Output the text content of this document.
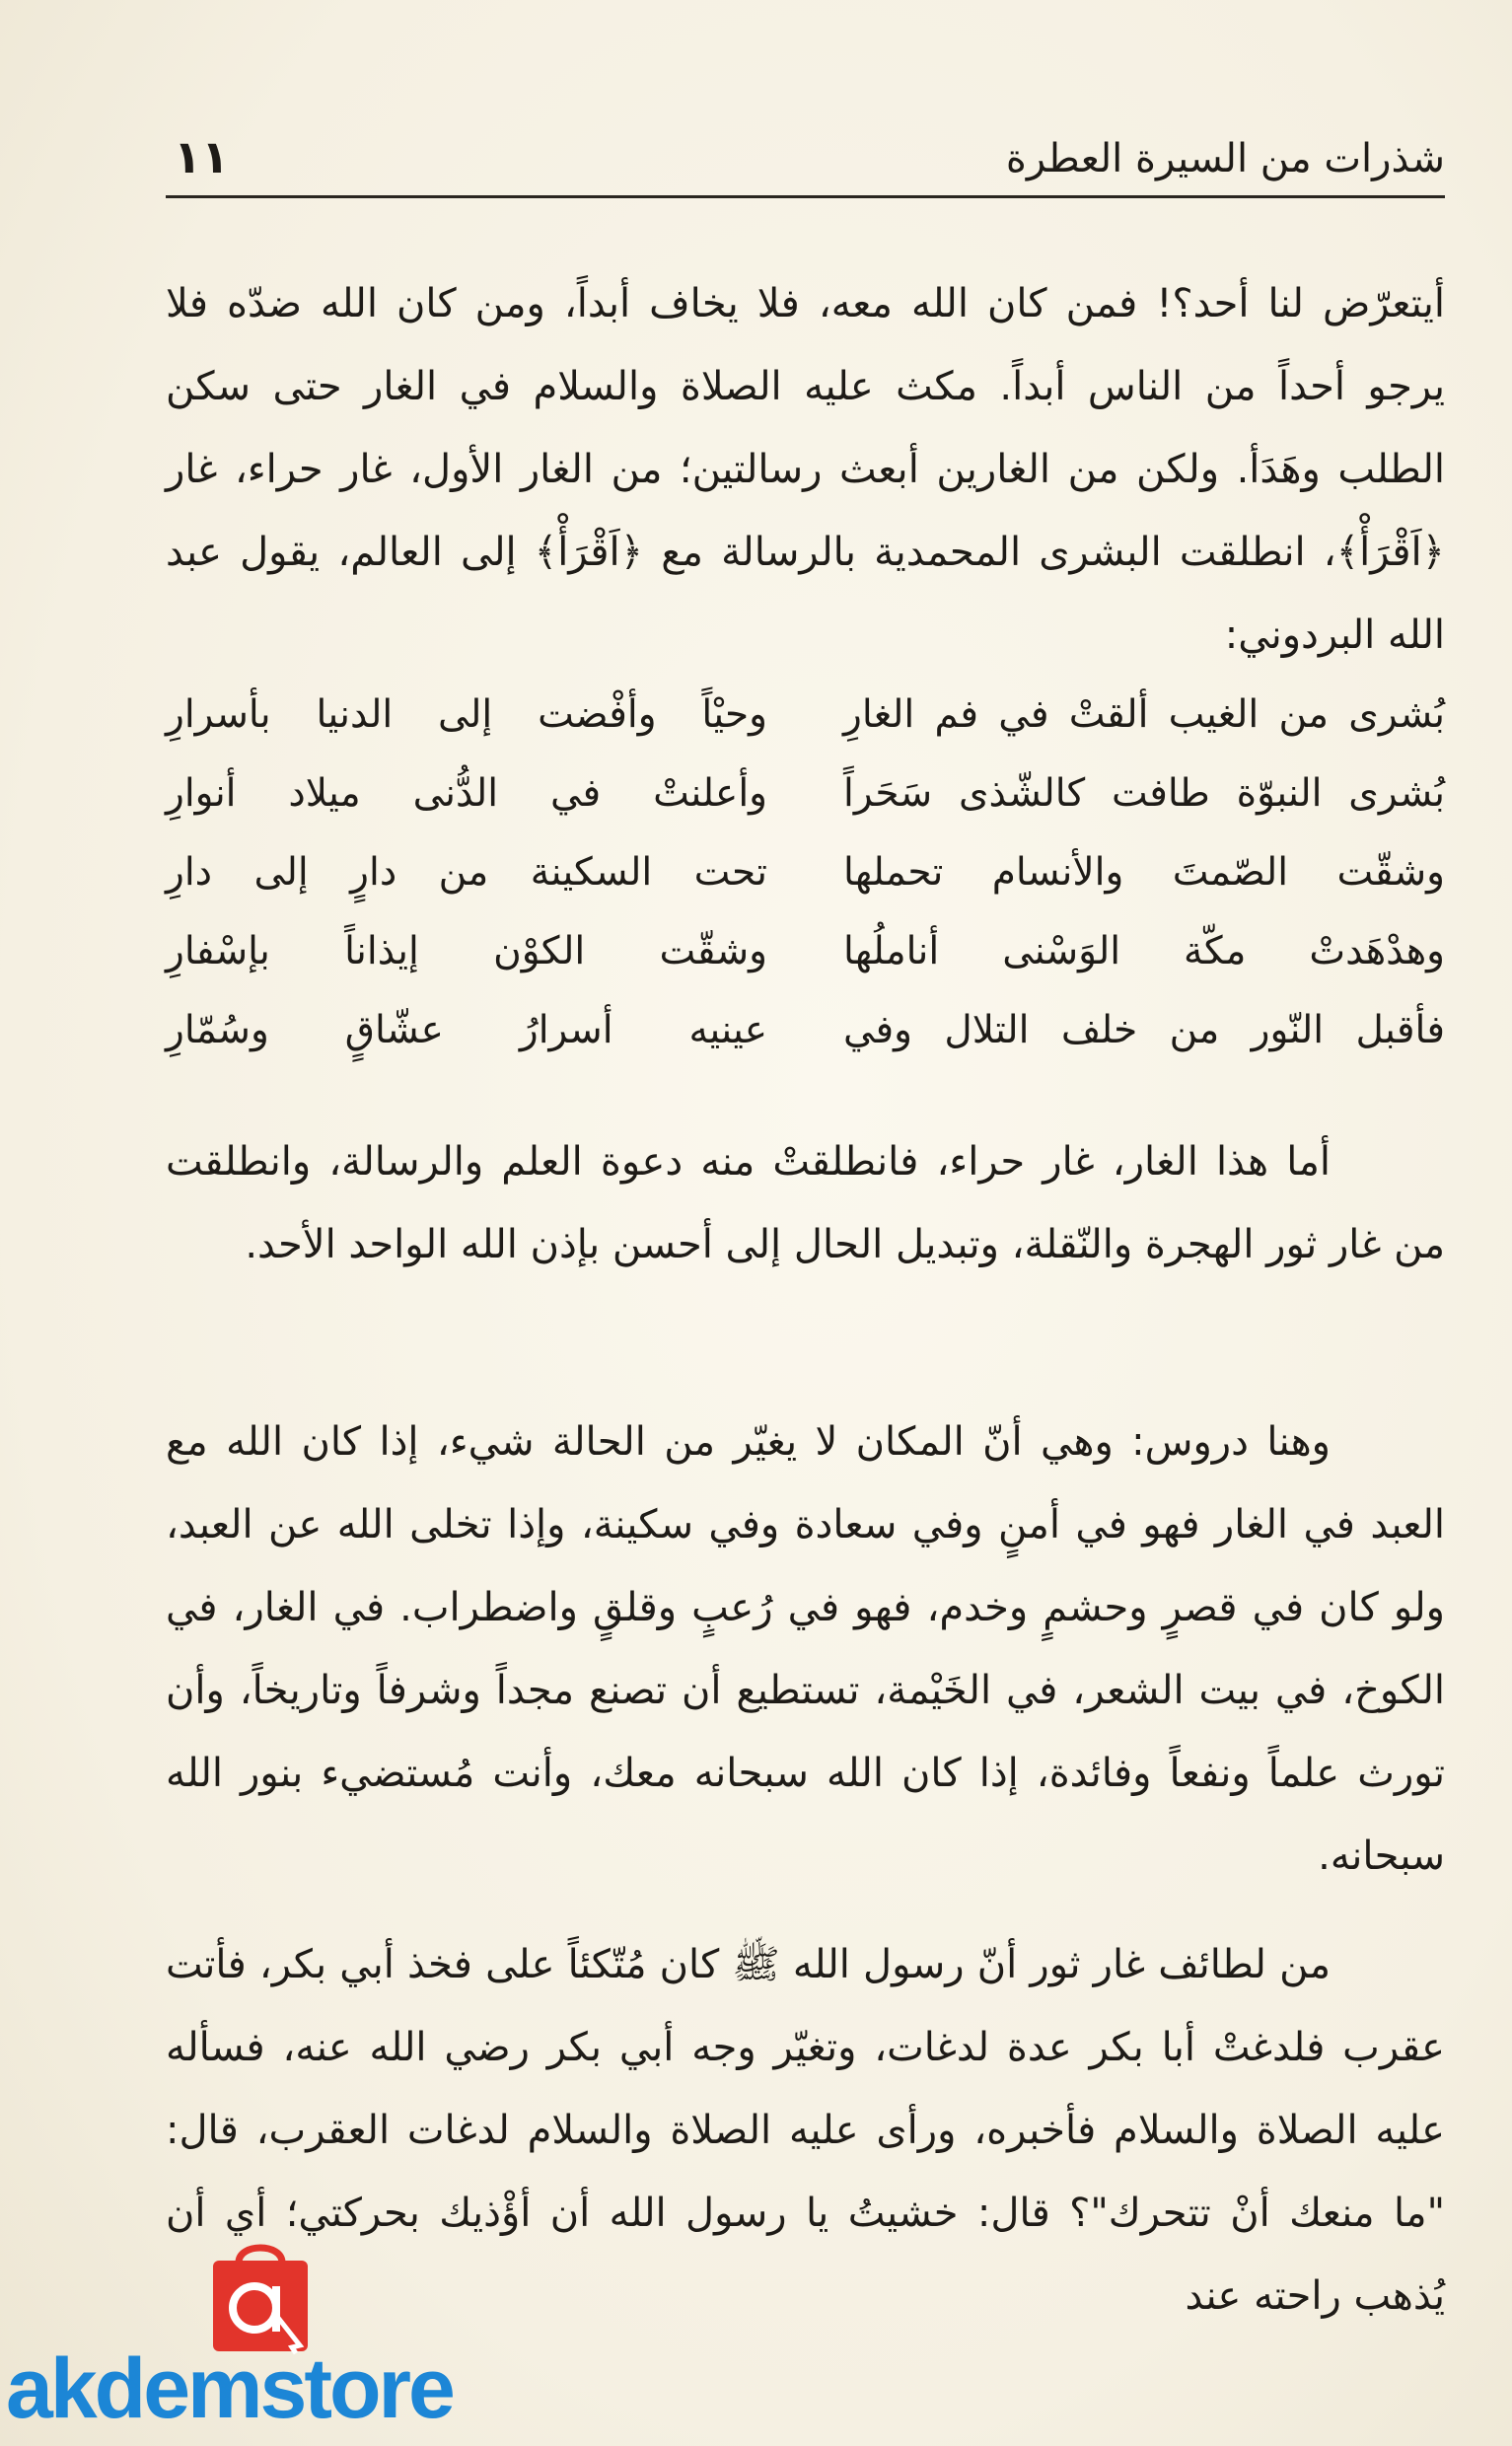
شذرات من السيرة العطرة
١١

أيتعرّض لنا أحد؟! فمن كان الله معه، فلا يخاف أبداً، ومن كان الله ضدّه فلا يرجو أحداً من الناس أبداً. مكث عليه الصلاة والسلام في الغار حتى سكن الطلب وهَدَأ. ولكن من الغارين أبعث رسالتين؛ من الغار الأول، غار حراء، غار ﴿اَقْرَأْ﴾، انطلقت البشرى المحمدية بالرسالة مع ﴿اَقْرَأْ﴾ إلى العالم، يقول عبد الله البردوني:

بُشرى من الغيب ألقتْ في فم الغارِ
وحيْاً وأفْضت إلى الدنيا بأسرارِ
بُشرى النبوّة طافت كالشّذى سَحَراً
وأعلنتْ في الدُّنى ميلاد أنوارِ
وشقّت الصّمتَ والأنسام تحملها
تحت السكينة من دارٍ إلى دارِ
وهدْهَدتْ مكّة الوَسْنى أناملُها
وشقّت الكوْن إيذاناً بإسْفارِ
فأقبل النّور من خلف التلال وفي
عينيه أسرارُ عشّاقٍ وسُمّارِ

أما هذا الغار، غار حراء، فانطلقتْ منه دعوة العلم والرسالة، وانطلقت من غار ثور الهجرة والنّقلة، وتبديل الحال إلى أحسن بإذن الله الواحد الأحد.

وهنا دروس: وهي أنّ المكان لا يغيّر من الحالة شيء، إذا كان الله مع العبد في الغار فهو في أمنٍ وفي سعادة وفي سكينة، وإذا تخلى الله عن العبد، ولو كان في قصرٍ وحشمٍ وخدم، فهو في رُعبٍ وقلقٍ واضطراب. في الغار، في الكوخ، في بيت الشعر، في الخَيْمة، تستطيع أن تصنع مجداً وشرفاً وتاريخاً، وأن تورث علماً ونفعاً وفائدة، إذا كان الله سبحانه معك، وأنت مُستضيء بنور الله سبحانه.

من لطائف غار ثور أنّ رسول الله ﷺ كان مُتّكئاً على فخذ أبي بكر، فأتت عقرب فلدغتْ أبا بكر عدة لدغات، وتغيّر وجه أبي بكر رضي الله عنه، فسأله عليه الصلاة والسلام فأخبره، ورأى عليه الصلاة والسلام لدغات العقرب، قال: "ما منعك أنْ تتحرك"؟ قال: خشيتُ يا رسول الله أن أؤْذيك بحركتي؛ أي أن يُذهب راحته عند

akdemstore
